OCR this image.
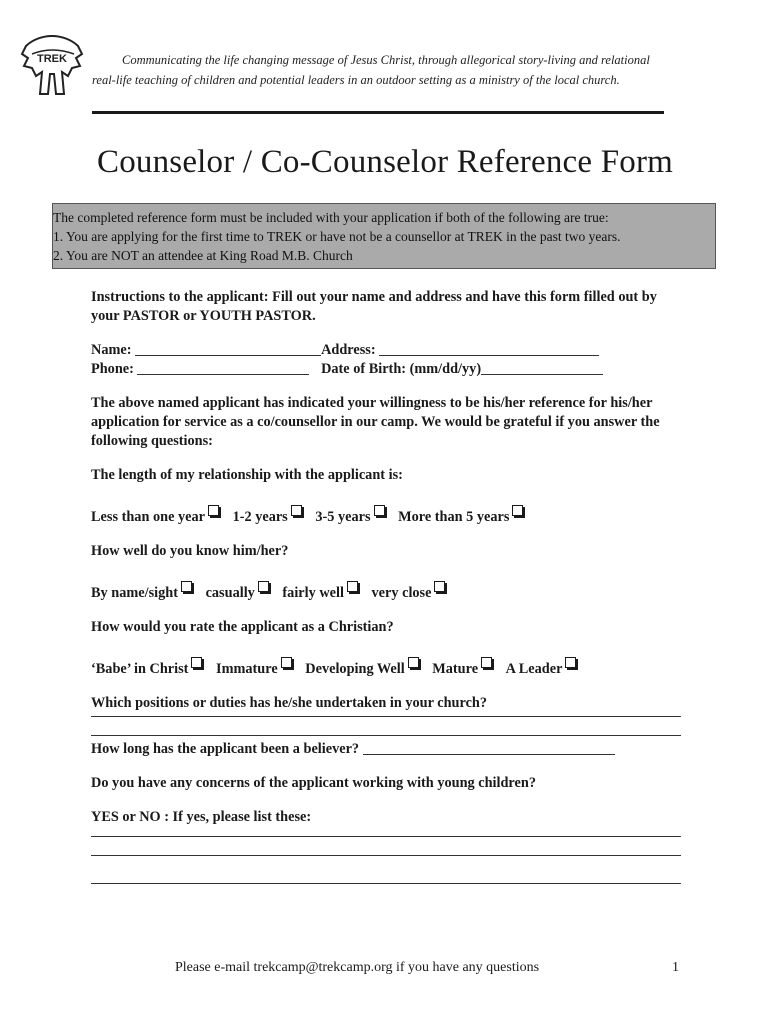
TREK	Communicating the life changing message of Jesus Christ, through allegorical story-living and relational real-life teaching of children and potential leaders in an outdoor setting as a ministry of the local church.
Counselor / Co-Counselor Reference Form
The completed reference form must be included with your application if both of the following are true:
1. You are applying for the first time to TREK or have not be a counsellor at TREK in the past two years.
2. You are NOT an attendee at King Road M.B. Church

Instructions to the applicant: Fill out your name and address and have this form filled out by your PASTOR or YOUTH PASTOR.

Name:	Address:
Phone:	Date of Birth: (mm/dd/yy)

The above named applicant has indicated your willingness to be his/her reference for his/her application for service as a co/counsellor in our camp. We would be grateful if you answer the following questions:

The length of my relationship with the applicant is:

Less than one year 1-2 years 3-5 years More than 5 years

How well do you know him/her?

By name/sight casually fairly well very close

How would you rate the applicant as a Christian?

‘Babe’ in Christ Immature Developing Well Mature A Leader

Which positions or duties has he/she undertaken in your church?

How long has the applicant been a believer?

Do you have any concerns of the applicant working with young children?

YES or NO : If yes, please list these:

Please e-mail trekcamp@trekcamp.org if you have any questions	1
